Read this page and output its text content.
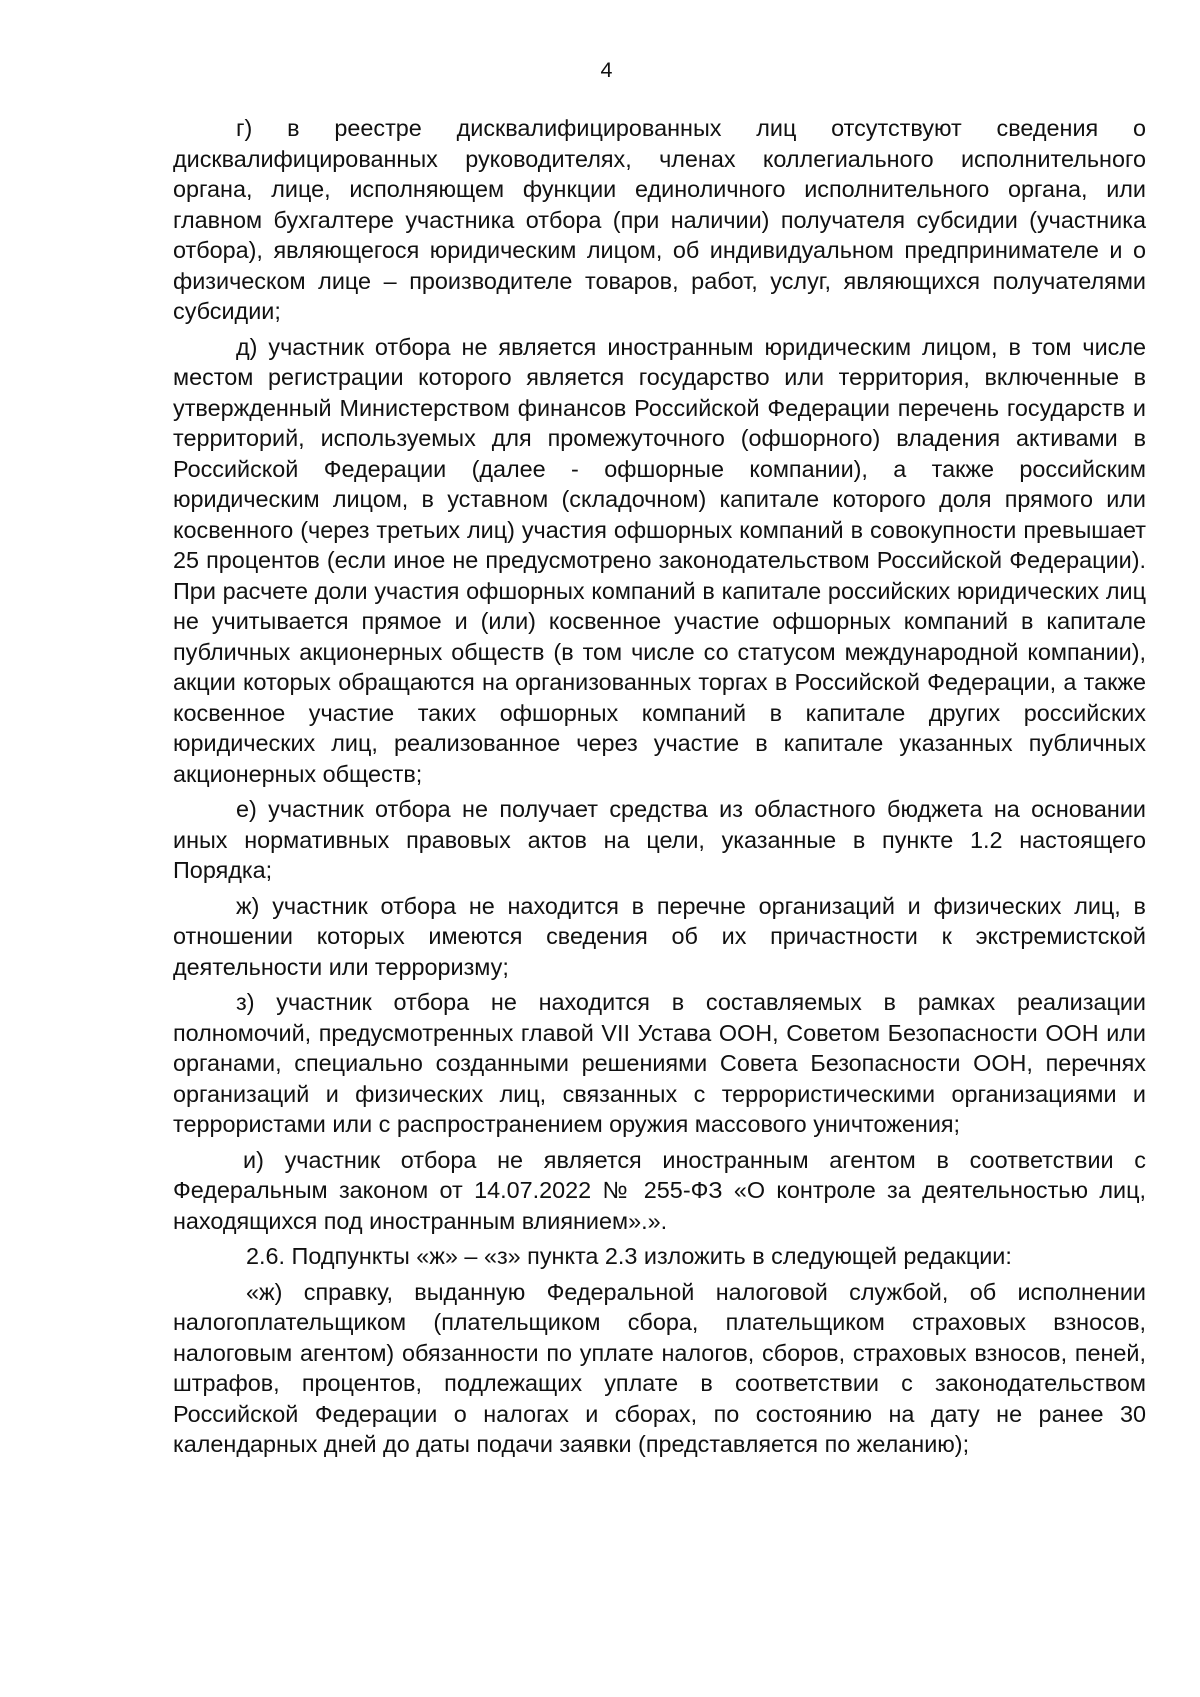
4

г) в реестре дисквалифицированных лиц отсутствуют сведения о дисквалифицированных руководителях, членах коллегиального исполнительного органа, лице, исполняющем функции единоличного исполнительного органа, или главном бухгалтере участника отбора (при наличии) получателя субсидии (участника отбора), являющегося юридическим лицом, об индивидуальном предпринимателе и о физическом лице – производителе товаров, работ, услуг, являющихся получателями субсидии;

д) участник отбора не является иностранным юридическим лицом, в том числе местом регистрации которого является государство или территория, включенные в утвержденный Министерством финансов Российской Федерации перечень государств и территорий, используемых для промежуточного (офшорного) владения активами в Российской Федерации (далее - офшорные компании), а также российским юридическим лицом, в уставном (складочном) капитале которого доля прямого или косвенного (через третьих лиц) участия офшорных компаний в совокупности превышает 25 процентов (если иное не предусмотрено законодательством Российской Федерации). При расчете доли участия офшорных компаний в капитале российских юридических лиц не учитывается прямое и (или) косвенное участие офшорных компаний в капитале публичных акционерных обществ (в том числе со статусом международной компании), акции которых обращаются на организованных торгах в Российской Федерации, а также косвенное участие таких офшорных компаний в капитале других российских юридических лиц, реализованное через участие в капитале указанных публичных акционерных обществ;

е) участник отбора не получает средства из областного бюджета на основании иных нормативных правовых актов на цели, указанные в пункте 1.2 настоящего Порядка;

ж) участник отбора не находится в перечне организаций и физических лиц, в отношении которых имеются сведения об их причастности к экстремистской деятельности или терроризму;

з) участник отбора не находится в составляемых в рамках реализации полномочий, предусмотренных главой VII Устава ООН, Советом Безопасности ООН или органами, специально созданными решениями Совета Безопасности ООН, перечнях организаций и физических лиц, связанных с террористическими организациями и террористами или с распространением оружия массового уничтожения;

и) участник отбора не является иностранным агентом в соответствии с Федеральным законом от 14.07.2022 № 255-ФЗ «О контроле за деятельностью лиц, находящихся под иностранным влиянием».».

2.6. Подпункты «ж» – «з» пункта 2.3 изложить в следующей редакции:

«ж) справку, выданную Федеральной налоговой службой, об исполнении налогоплательщиком (плательщиком сбора, плательщиком страховых взносов, налоговым агентом) обязанности по уплате налогов, сборов, страховых взносов, пеней, штрафов, процентов, подлежащих уплате в соответствии с законодательством Российской Федерации о налогах и сборах, по состоянию на дату не ранее 30 календарных дней до даты подачи заявки (представляется по желанию);
